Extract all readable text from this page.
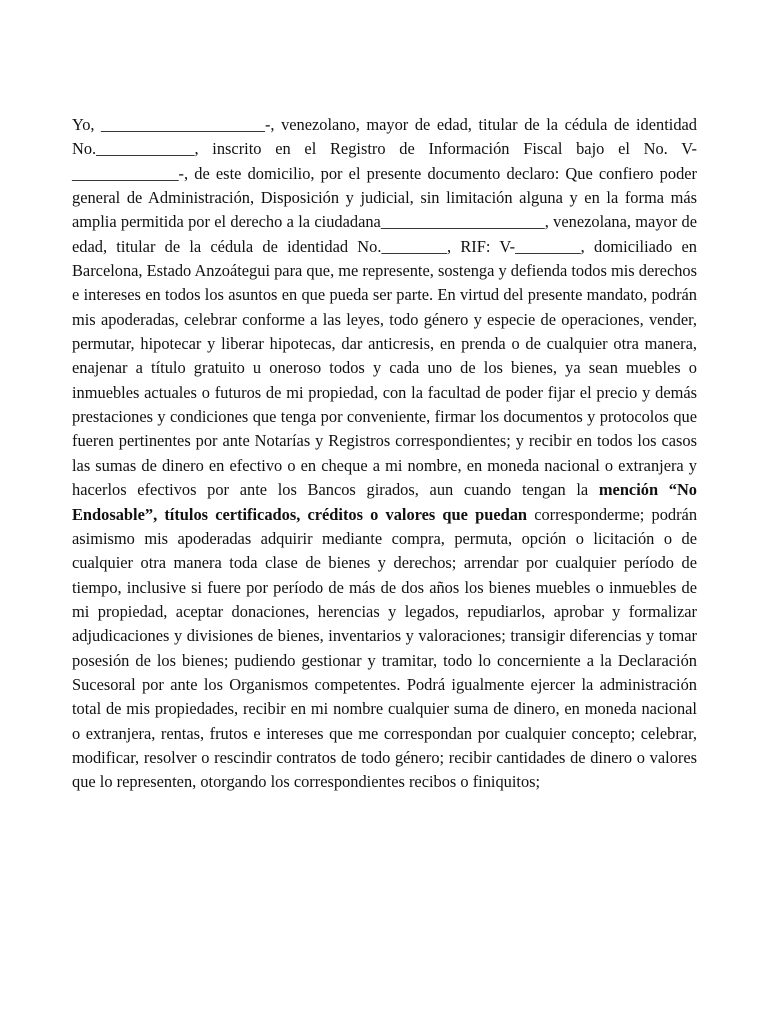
Yo, ____________________-, venezolano, mayor de edad, titular de la cédula de identidad No.____________, inscrito en el Registro de Información Fiscal bajo el No. V-_____________-, de este domicilio, por el presente documento declaro: Que confiero poder general de Administración, Disposición y judicial, sin limitación alguna y en la forma más amplia permitida por el derecho a la ciudadana____________________, venezolana, mayor de edad, titular de la cédula de identidad No.________, RIF: V-________, domiciliado en Barcelona, Estado Anzoátegui para que, me represente, sostenga y defienda todos mis derechos e intereses en todos los asuntos en que pueda ser parte. En virtud del presente mandato, podrán mis apoderadas, celebrar conforme a las leyes, todo género y especie de operaciones, vender, permutar, hipotecar y liberar hipotecas, dar anticresis, en prenda o de cualquier otra manera, enajenar a título gratuito u oneroso todos y cada uno de los bienes, ya sean muebles o inmuebles actuales o futuros de mi propiedad, con la facultad de poder fijar el precio y demás prestaciones y condiciones que tenga por conveniente, firmar los documentos y protocolos que fueren pertinentes por ante Notarías y Registros correspondientes; y recibir en todos los casos las sumas de dinero en efectivo o en cheque a mi nombre, en moneda nacional o extranjera y hacerlos efectivos por ante los Bancos girados, aun cuando tengan la mención “No Endosable”, títulos certificados, créditos o valores que puedan corresponderme; podrán asimismo mis apoderadas adquirir mediante compra, permuta, opción o licitación o de cualquier otra manera toda clase de bienes y derechos; arrendar por cualquier período de tiempo, inclusive si fuere por período de más de dos años los bienes muebles o inmuebles de mi propiedad, aceptar donaciones, herencias y legados, repudiarlos, aprobar y formalizar adjudicaciones y divisiones de bienes, inventarios y valoraciones; transigir diferencias y tomar posesión de los bienes; pudiendo gestionar y tramitar, todo lo concerniente a la Declaración Sucesoral por ante los Organismos competentes. Podrá igualmente ejercer la administración total de mis propiedades, recibir en mi nombre cualquier suma de dinero, en moneda nacional o extranjera, rentas, frutos e intereses que me correspondan por cualquier concepto; celebrar, modificar, resolver o rescindir contratos de todo género; recibir cantidades de dinero o valores que lo representen, otorgando los correspondientes recibos o finiquitos;
